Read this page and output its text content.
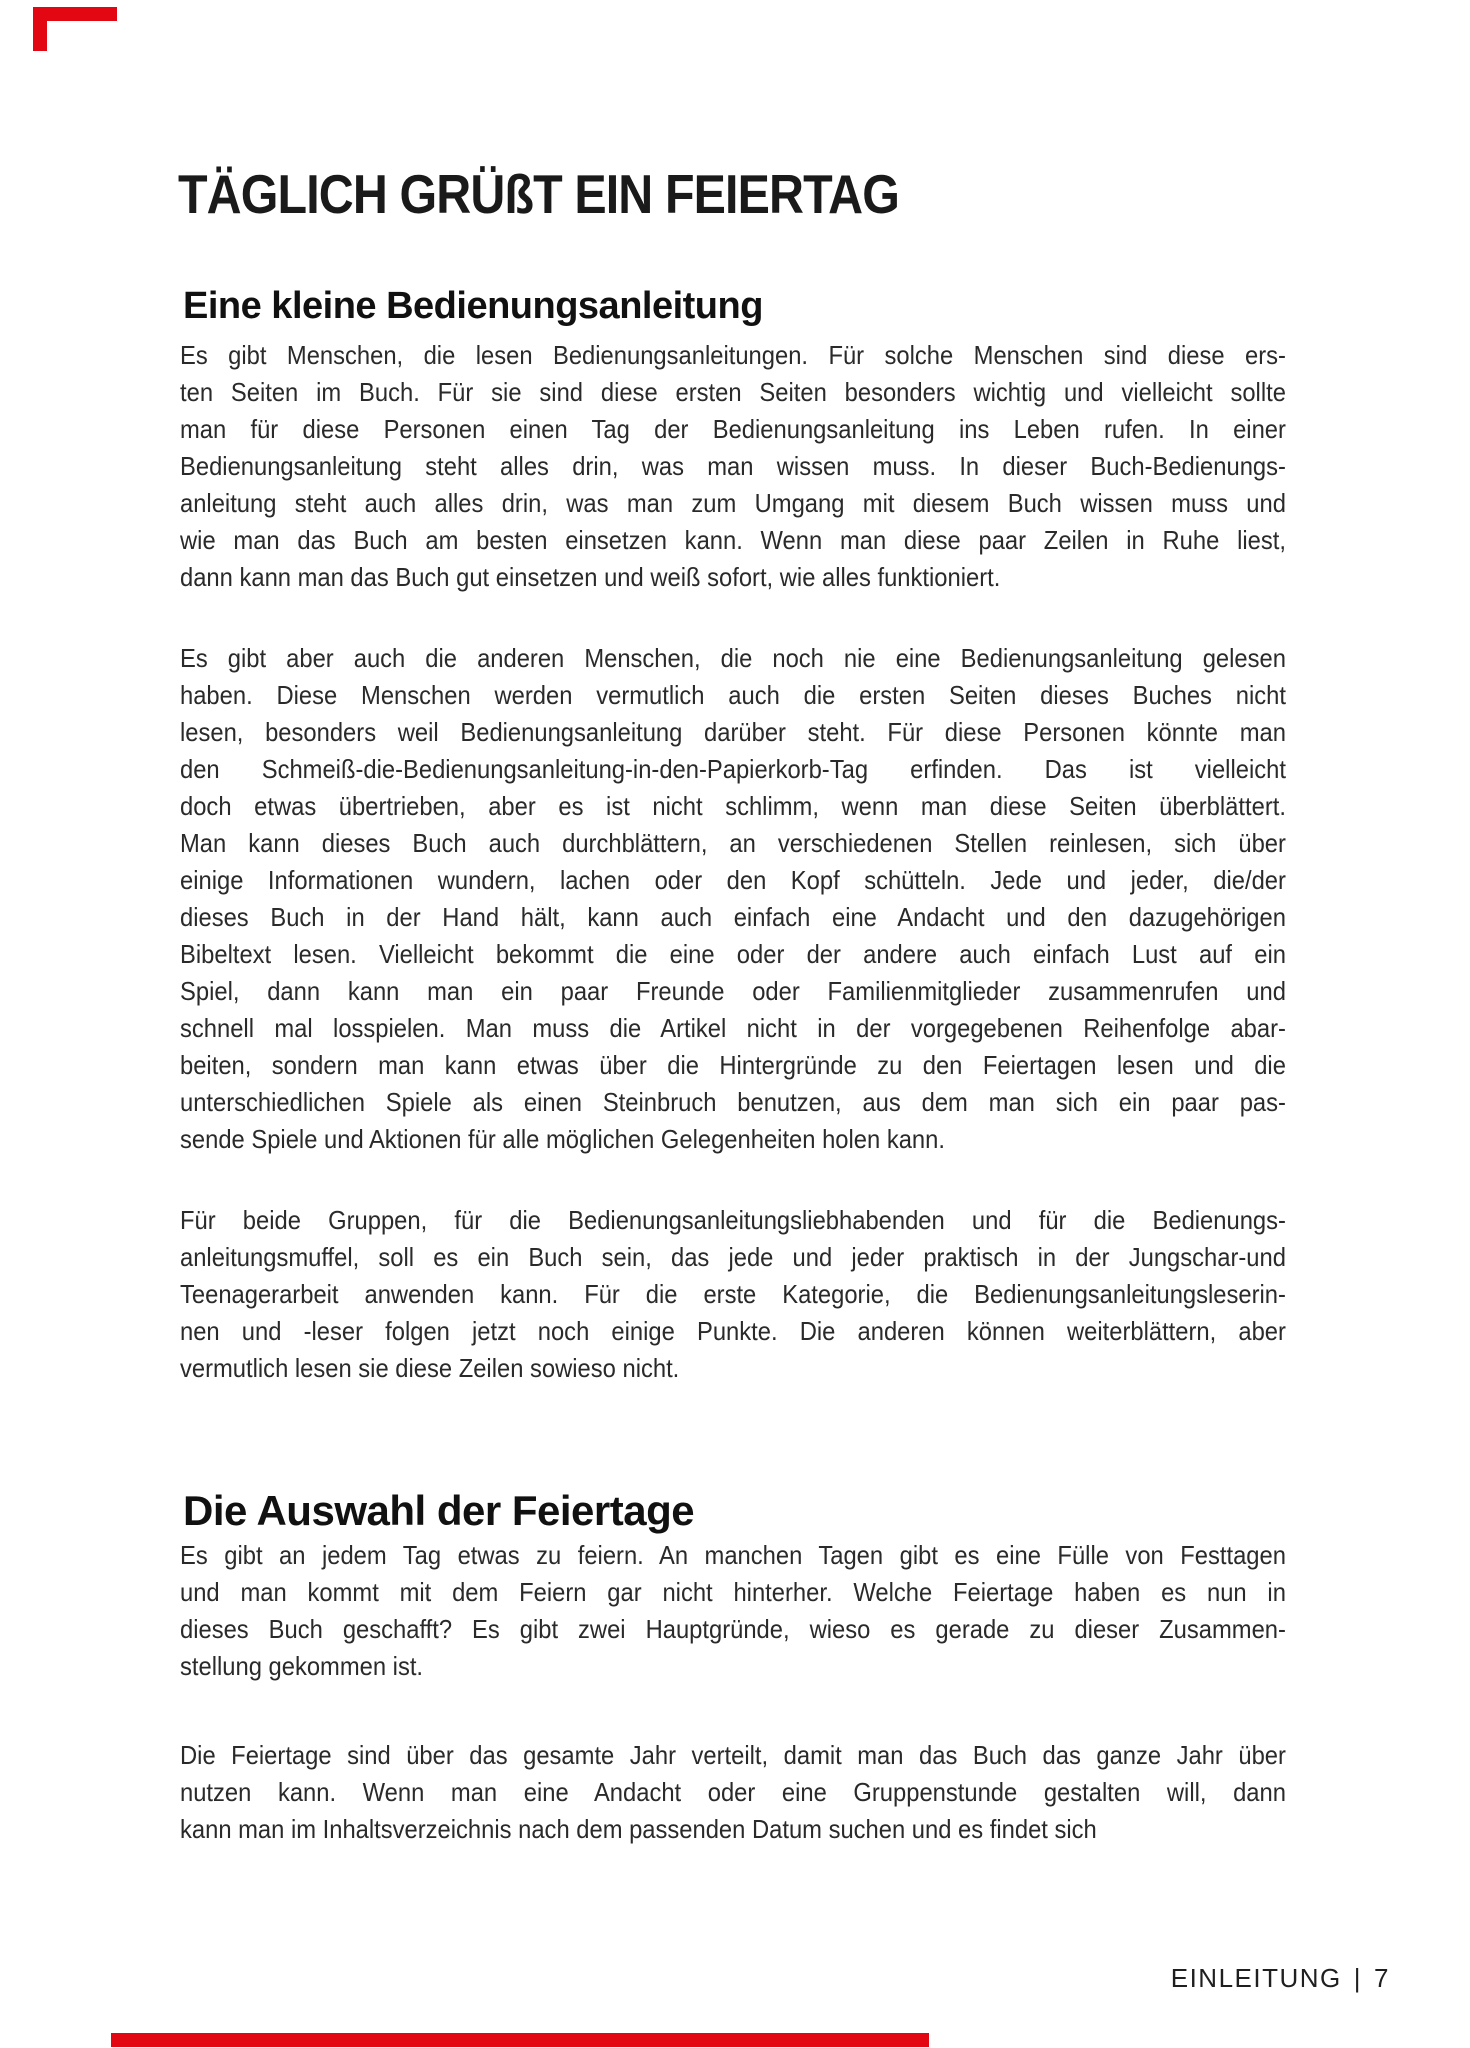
TÄGLICH GRÜßT EIN FEIERTAG
Eine kleine Bedienungsanleitung
Es gibt Menschen, die lesen Bedienungsanleitungen. Für solche Menschen sind diese ers-
ten Seiten im Buch. Für sie sind diese ersten Seiten besonders wichtig und vielleicht sollte
man für diese Personen einen Tag der Bedienungsanleitung ins Leben rufen. In einer
Bedienungsanleitung steht alles drin, was man wissen muss. In dieser Buch-Bedienungs-
anleitung steht auch alles drin, was man zum Umgang mit diesem Buch wissen muss und
wie man das Buch am besten einsetzen kann. Wenn man diese paar Zeilen in Ruhe liest,
dann kann man das Buch gut einsetzen und weiß sofort, wie alles funktioniert.
Es gibt aber auch die anderen Menschen, die noch nie eine Bedienungsanleitung gelesen
haben. Diese Menschen werden vermutlich auch die ersten Seiten dieses Buches nicht
lesen, besonders weil Bedienungsanleitung darüber steht. Für diese Personen könnte man
den Schmeiß-die-Bedienungsanleitung-in-den-Papierkorb-Tag erfinden. Das ist vielleicht
doch etwas übertrieben, aber es ist nicht schlimm, wenn man diese Seiten überblättert.
Man kann dieses Buch auch durchblättern, an verschiedenen Stellen reinlesen, sich über
einige Informationen wundern, lachen oder den Kopf schütteln. Jede und jeder, die/der
dieses Buch in der Hand hält, kann auch einfach eine Andacht und den dazugehörigen
Bibeltext lesen. Vielleicht bekommt die eine oder der andere auch einfach Lust auf ein
Spiel, dann kann man ein paar Freunde oder Familienmitglieder zusammenrufen und
schnell mal losspielen. Man muss die Artikel nicht in der vorgegebenen Reihenfolge abar-
beiten, sondern man kann etwas über die Hintergründe zu den Feiertagen lesen und die
unterschiedlichen Spiele als einen Steinbruch benutzen, aus dem man sich ein paar pas-
sende Spiele und Aktionen für alle möglichen Gelegenheiten holen kann.
Für beide Gruppen, für die Bedienungsanleitungsliebhabenden und für die Bedienungs-
anleitungsmuffel, soll es ein Buch sein, das jede und jeder praktisch in der Jungschar-und
Teenagerarbeit anwenden kann. Für die erste Kategorie, die Bedienungsanleitungsleserin-
nen und -leser folgen jetzt noch einige Punkte. Die anderen können weiterblättern, aber
vermutlich lesen sie diese Zeilen sowieso nicht.
Die Auswahl der Feiertage
Es gibt an jedem Tag etwas zu feiern. An manchen Tagen gibt es eine Fülle von Festtagen
und man kommt mit dem Feiern gar nicht hinterher. Welche Feiertage haben es nun in
dieses Buch geschafft? Es gibt zwei Hauptgründe, wieso es gerade zu dieser Zusammen-
stellung gekommen ist.
Die Feiertage sind über das gesamte Jahr verteilt, damit man das Buch das ganze Jahr über
nutzen kann. Wenn man eine Andacht oder eine Gruppenstunde gestalten will, dann
kann man im Inhaltsverzeichnis nach dem passenden Datum suchen und es findet sich
EINLEITUNG | 7
